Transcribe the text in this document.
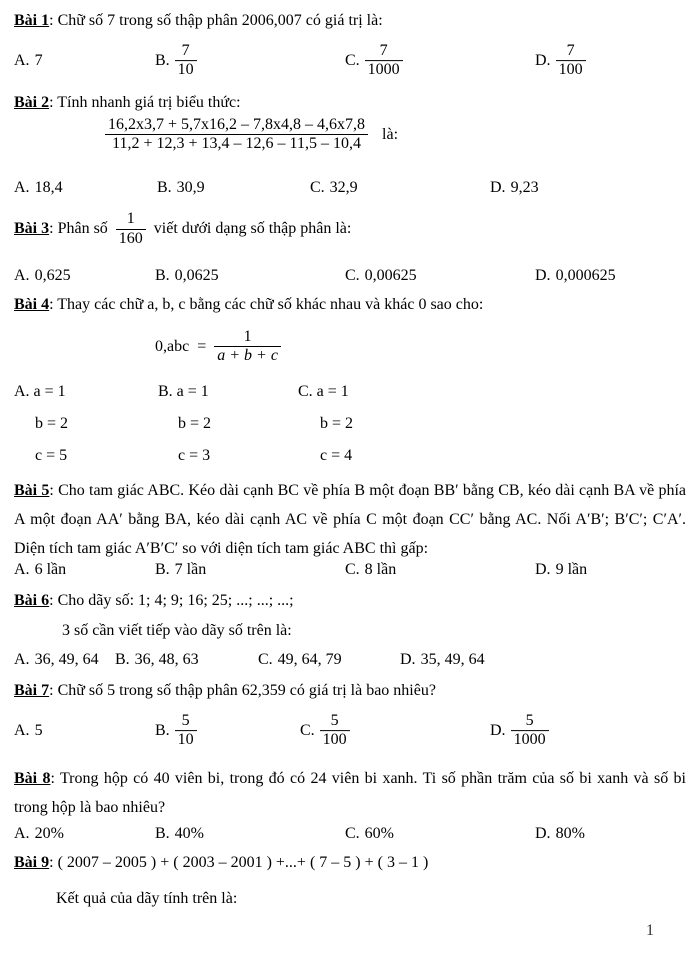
Bài 1: Chữ số 7 trong số thập phân 2006,007 có giá trị là:
A. 7	B. $\frac{7}{10}$	C. $\frac{7}{1000}$	D. $\frac{7}{100}$
Bài 2: Tính nhanh giá trị biểu thức:
$\frac{16,2x3,7 + 5,7x16,2 - 7,8x4,8 - 4,6x7,8}{11,2 + 12,3 + 13,4 - 12,6 - 11,5 - 10,4}$ là:
A. 18,4	B. 30,9	C. 32,9	D. 9,23
Bài 3: Phân số $\frac{1}{160}$ viết dưới dạng số thập phân là:
A. 0,625	B. 0,0625	C. 0,00625	D. 0,000625
Bài 4: Thay các chữ a, b, c bằng các chữ số khác nhau và khác 0 sao cho:
$0,abc = \frac{1}{a + b + c}$
A. a = 1	B. a = 1	C. a = 1
b = 2	b = 2	b = 2
c = 5	c = 3	c = 4
Bài 5: Cho tam giác ABC. Kéo dài cạnh BC về phía B một đoạn BB′ bằng CB, kéo dài cạnh BA về phía A một đoạn AA′ bằng BA, kéo dài cạnh AC về phía C một đoạn CC′ bằng AC. Nối A′B′; B′C′; C′A′. Diện tích tam giác A′B′C′ so với diện tích tam giác ABC thì gấp:
A. 6 lần	B. 7 lần	C. 8 lần	D. 9 lần
Bài 6: Cho dãy số: 1; 4; 9; 16; 25; ...; ...; ...;
3 số cần viết tiếp vào dãy số trên là:
A. 36, 49, 64 B. 36, 48, 63	C. 49, 64, 79	D. 35, 49, 64
Bài 7: Chữ số 5 trong số thập phân 62,359 có giá trị là bao nhiêu?
A. 5	B. $\frac{5}{10}$	C. $\frac{5}{100}$	D. $\frac{5}{1000}$
Bài 8: Trong hộp có 40 viên bi, trong đó có 24 viên bi xanh. Ti số phần trăm của số bi xanh và số bi trong hộp là bao nhiêu?
A. 20%	B. 40%	C. 60%	D. 80%
Bài 9: ( 2007 – 2005 ) + ( 2003 – 2001 ) +...+ ( 7 – 5 ) + ( 3 – 1 )
Kết quả của dãy tính trên là:
1
